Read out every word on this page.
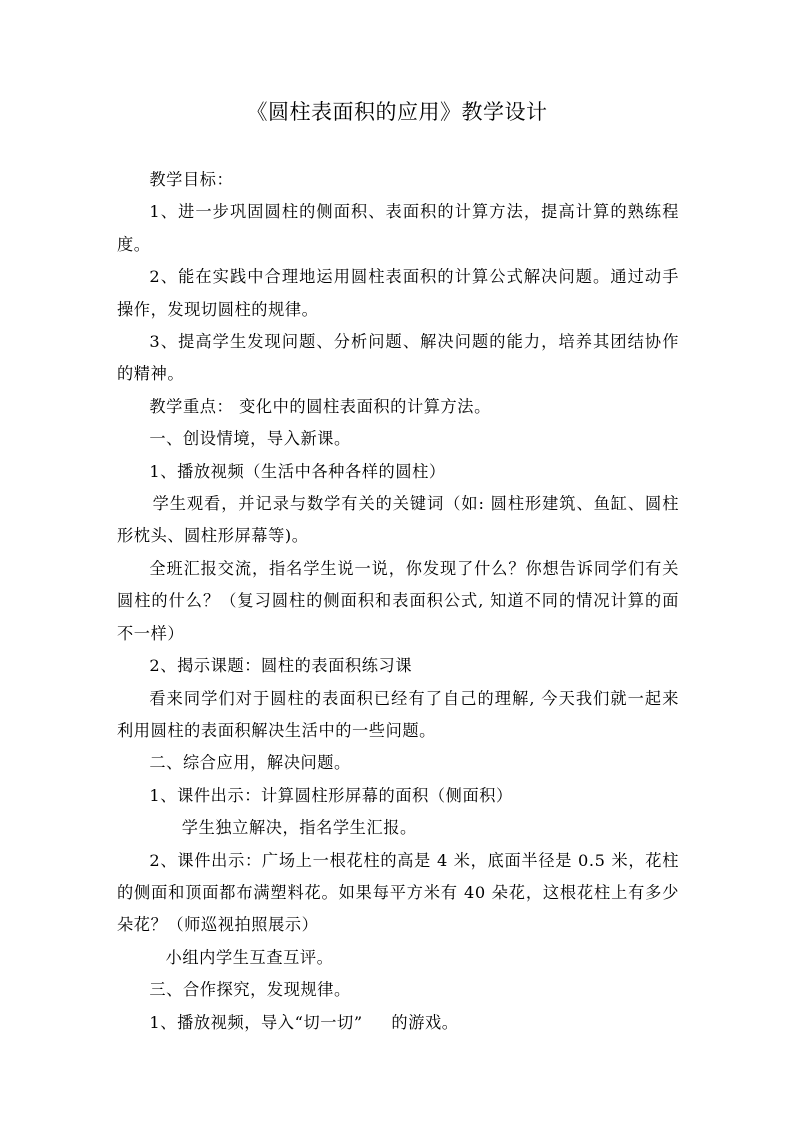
《圆柱表面积的应用》教学设计

教学目标：

1、进一步巩固圆柱的侧面积、表面积的计算方法，提高计算的熟练程度。

2、能在实践中合理地运用圆柱表面积的计算公式解决问题。通过动手操作，发现切圆柱的规律。

3、提高学生发现问题、分析问题、解决问题的能力，培养其团结协作的精神。

教学重点： 变化中的圆柱表面积的计算方法。

一、创设情境，导入新课。

1、播放视频（生活中各种各样的圆柱）

学生观看，并记录与数学有关的关键词（如: 圆柱形建筑、鱼缸、圆柱形枕头、圆柱形屏幕等)。

全班汇报交流，指名学生说一说，你发现了什么？你想告诉同学们有关圆柱的什么？（复习圆柱的侧面积和表面积公式, 知道不同的情况计算的面不一样）

2、揭示课题：圆柱的表面积练习课

看来同学们对于圆柱的表面积已经有了自己的理解, 今天我们就一起来利用圆柱的表面积解决生活中的一些问题。

二、综合应用，解决问题。

1、课件出示：计算圆柱形屏幕的面积（侧面积）

学生独立解决，指名学生汇报。

2、课件出示：广场上一根花柱的高是 4 米，底面半径是 0.5 米，花柱的侧面和顶面都布满塑料花。如果每平方米有 40 朵花，这根花柱上有多少朵花？（师巡视拍照展示）

小组内学生互查互评。

三、合作探究，发现规律。

1、播放视频，导入“切一切”     的游戏。
